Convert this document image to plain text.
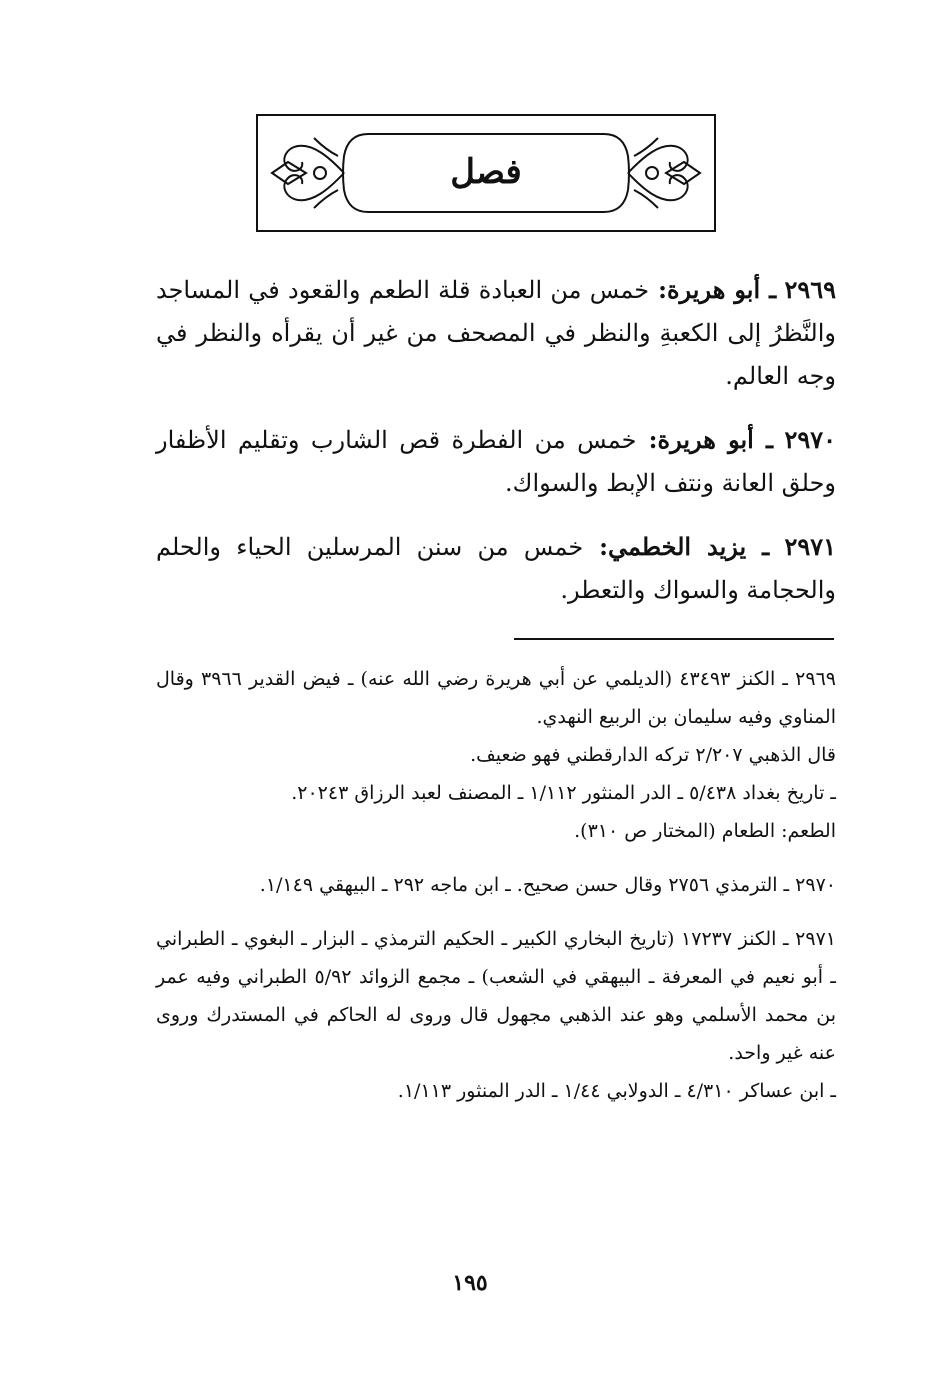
فصل

٢٩٦٩ ـ أبو هريرة: خمس من العبادة قلة الطعم والقعود في المساجد والنَّظرُ إلى الكعبةِ والنظر في المصحف من غير أن يقرأه والنظر في وجه العالم.

٢٩٧٠ ـ أبو هريرة: خمس من الفطرة قص الشارب وتقليم الأظفار وحلق العانة ونتف الإبط والسواك.

٢٩٧١ ـ يزيد الخطمي: خمس من سنن المرسلين الحياء والحلم والحجامة والسواك والتعطر.

٢٩٦٩ ـ الكنز ٤٣٤٩٣ (الديلمي عن أبي هريرة رضي الله عنه) ـ فيض القدير ٣٩٦٦ وقال المناوي وفيه سليمان بن الربيع النهدي.
قال الذهبي ٢/٢٠٧ تركه الدارقطني فهو ضعيف.
ـ تاريخ بغداد ٥/٤٣٨ ـ الدر المنثور ١/١١٢ ـ المصنف لعبد الرزاق ٢٠٢٤٣.
الطعم: الطعام (المختار ص ٣١٠).

٢٩٧٠ ـ الترمذي ٢٧٥٦ وقال حسن صحيح. ـ ابن ماجه ٢٩٢ ـ البيهقي ١/١٤٩.

٢٩٧١ ـ الكنز ١٧٢٣٧ (تاريخ البخاري الكبير ـ الحكيم الترمذي ـ البزار ـ البغوي ـ الطبراني ـ أبو نعيم في المعرفة ـ البيهقي في الشعب) ـ مجمع الزوائد ٥/٩٢ الطبراني وفيه عمر بن محمد الأسلمي وهو عند الذهبي مجهول قال وروى له الحاكم في المستدرك وروى عنه غير واحد.
ـ ابن عساكر ٤/٣١٠ ـ الدولابي ١/٤٤ ـ الدر المنثور ١/١١٣.

١٩٥
